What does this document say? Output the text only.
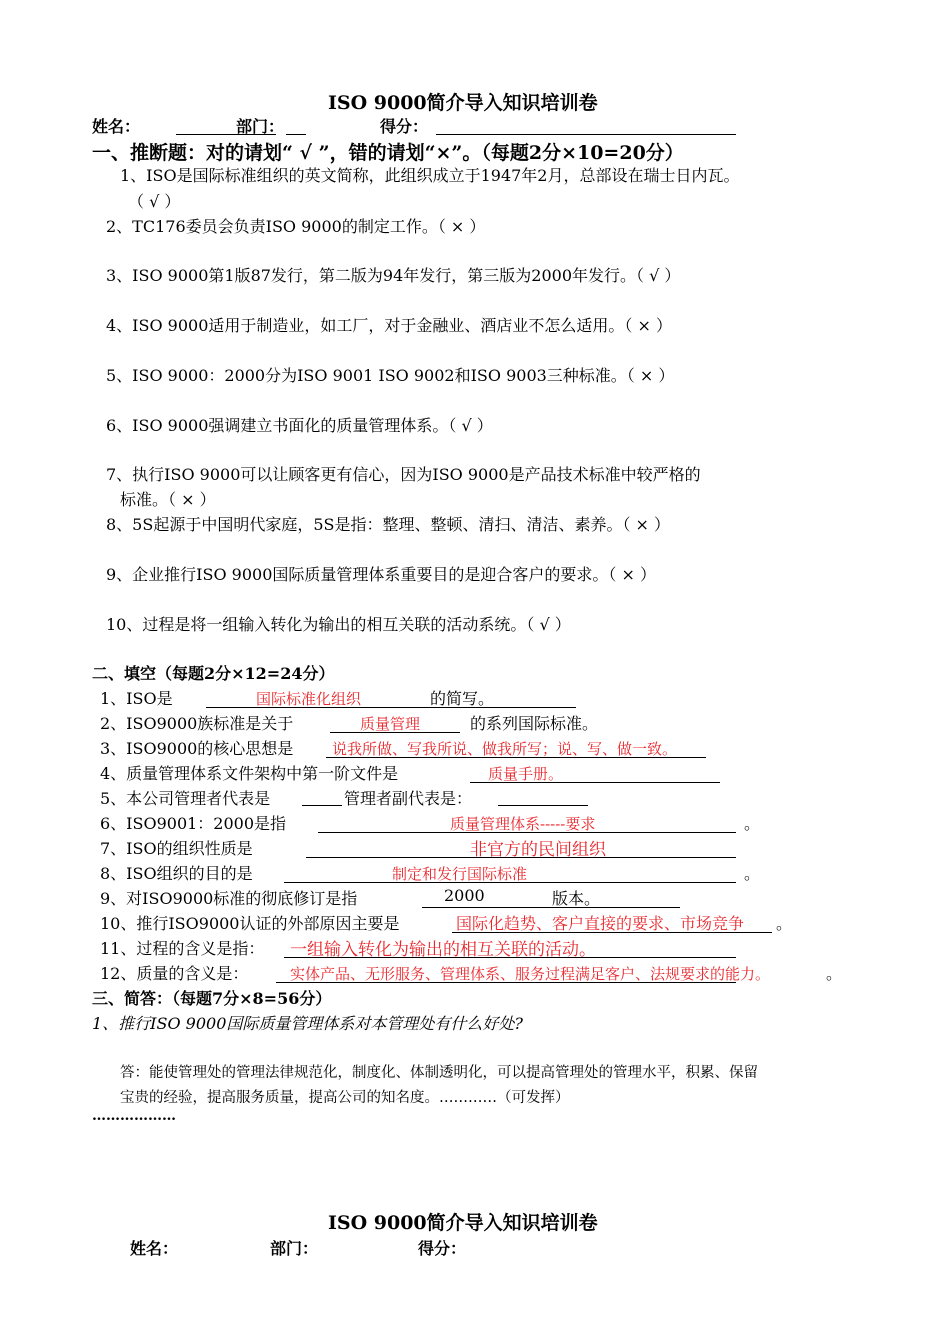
ISO 9000简介导入知识培训卷
姓名：	部门：	得分：
一、推断题：对的请划“ √ ”，错的请划“×”。（每题2分×10=20分）
1、ISO是国际标准组织的英文简称，此组织成立于1947年2月，总部设在瑞士日内瓦。
（ √ ）
2、TC176委员会负责ISO 9000的制定工作。（ × ）
3、ISO 9000第1版87发行，第二版为94年发行，第三版为2000年发行。（ √ ）
4、ISO 9000适用于制造业，如工厂，对于金融业、酒店业不怎么适用。（ × ）
5、ISO 9000：2000分为ISO 9001 ISO 9002和ISO 9003三种标准。（ × ）
6、ISO 9000强调建立书面化的质量管理体系。（ √ ）
7、执行ISO 9000可以让顾客更有信心，因为ISO 9000是产品技术标准中较严格的
标准。（ × ）
8、5S起源于中国明代家庭，5S是指：整理、整顿、清扫、清洁、素养。（ × ）
9、企业推行ISO 9000国际质量管理体系重要目的是迎合客户的要求。（ × ）
10、过程是将一组输入转化为输出的相互关联的活动系统。（ √ ）
二、填空（每题2分×12=24分）
1、ISO是	国际标准化组织	的简写。
2、ISO9000族标准是关于	质量管理	的系列国际标准。
3、ISO9000的核心思想是	说我所做、写我所说、做我所写；说、写、做一致。
4、质量管理体系文件架构中第一阶文件是	质量手册。
5、本公司管理者代表是	管理者副代表是：
6、ISO9001：2000是指	质量管理体系-----要求	。
7、ISO的组织性质是	非官方的民间组织
8、ISO组织的目的是	制定和发行国际标准	。
9、对ISO9000标准的彻底修订是指	2000	版本。
10、推行ISO9000认证的外部原因主要是	国际化趋势、客户直接的要求、市场竞争 。
11、过程的含义是指： 一组输入转化为输出的相互关联的活动。
12、质量的含义是：	实体产品、无形服务、管理体系、服务过程满足客户、法规要求的能力。	。
三、简答：（每题7分×8=56分）
1、推行ISO 9000国际质量管理体系对本管理处有什么好处?
答：能使管理处的管理法律规范化，制度化、体制透明化，可以提高管理处的管理水平，积累、保留
宝贵的经验，提高服务质量，提高公司的知名度。…………（可发挥）
………………
ISO 9000简介导入知识培训卷
姓名：	部门：	得分：
